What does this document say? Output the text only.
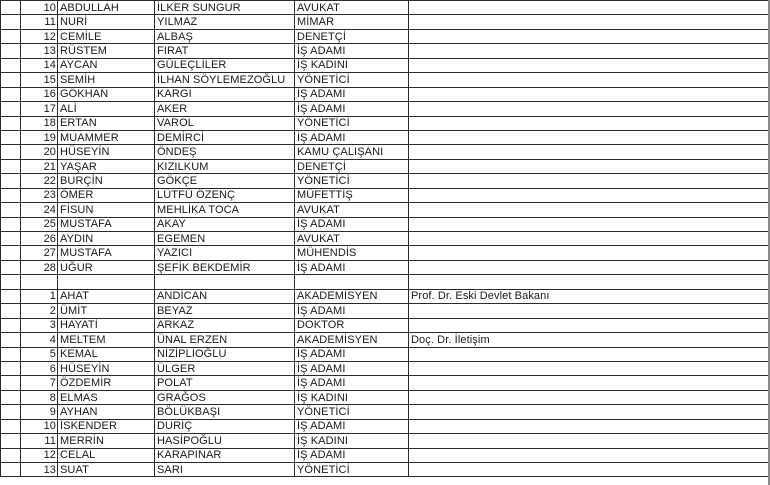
	10	ABDULLAH	İLKER SUNGUR	AVUKAT	
	11	NURİ	YILMAZ	MİMAR	
	12	CEMİLE	ALBAŞ	DENETÇİ	
	13	RÜSTEM	FIRAT	İŞ ADAMI	
	14	AYCAN	GÜLEÇLİLER	İŞ KADINI	
	15	SEMİH	İLHAN SÖYLEMEZOĞLU	YÖNETİCİ	
	16	GÖKHAN	KARGI	İŞ ADAMI	
	17	ALİ	AKER	İŞ ADAMI	
	18	ERTAN	VAROL	YÖNETİCİ	
	19	MUAMMER	DEMİRCİ	İŞ ADAMI	
	20	HÜSEYİN	ÖNDEŞ	KAMU ÇALIŞANI	
	21	YAŞAR	KIZILKUM	DENETÇİ	
	22	BURÇİN	GÖKÇE	YÖNETİCİ	
	23	ÖMER	LÜTFÜ ÖZENÇ	MÜFETTİŞ	
	24	FİSUN	MEHLİKA TOCA	AVUKAT	
	25	MUSTAFA	AKAY	İŞ ADAMI	
	26	AYDIN	EGEMEN	AVUKAT	
	27	MUSTAFA	YAZICI	MÜHENDİS	
	28	UĞUR	ŞEFİK BEKDEMİR	İŞ ADAMI	

	1	AHAT	ANDİCAN	AKADEMİSYEN	Prof. Dr. Eski Devlet Bakanı
	2	ÜMİT	BEYAZ	İŞ ADAMI	
	3	HAYATİ	ARKAZ	DOKTOR	
	4	MELTEM	ÜNAL ERZEN	AKADEMİSYEN	Doç. Dr. İletişim
	5	KEMAL	NİZİPLİOĞLU	İŞ ADAMI	
	6	HÜSEYİN	ÜLGER	İŞ ADAMI	
	7	ÖZDEMİR	POLAT	İŞ ADAMI	
	8	ELMAS	GRAĞOS	İŞ KADINI	
	9	AYHAN	BÖLÜKBAŞI	YÖNETİCİ	
	10	İSKENDER	DURİÇ	İŞ ADAMI	
	11	MERRİN	HASİPOĞLU	İŞ KADINI	
	12	CELAL	KARAPINAR	İŞ ADAMI	
	13	SUAT	SARI	YÖNETİCİ	
